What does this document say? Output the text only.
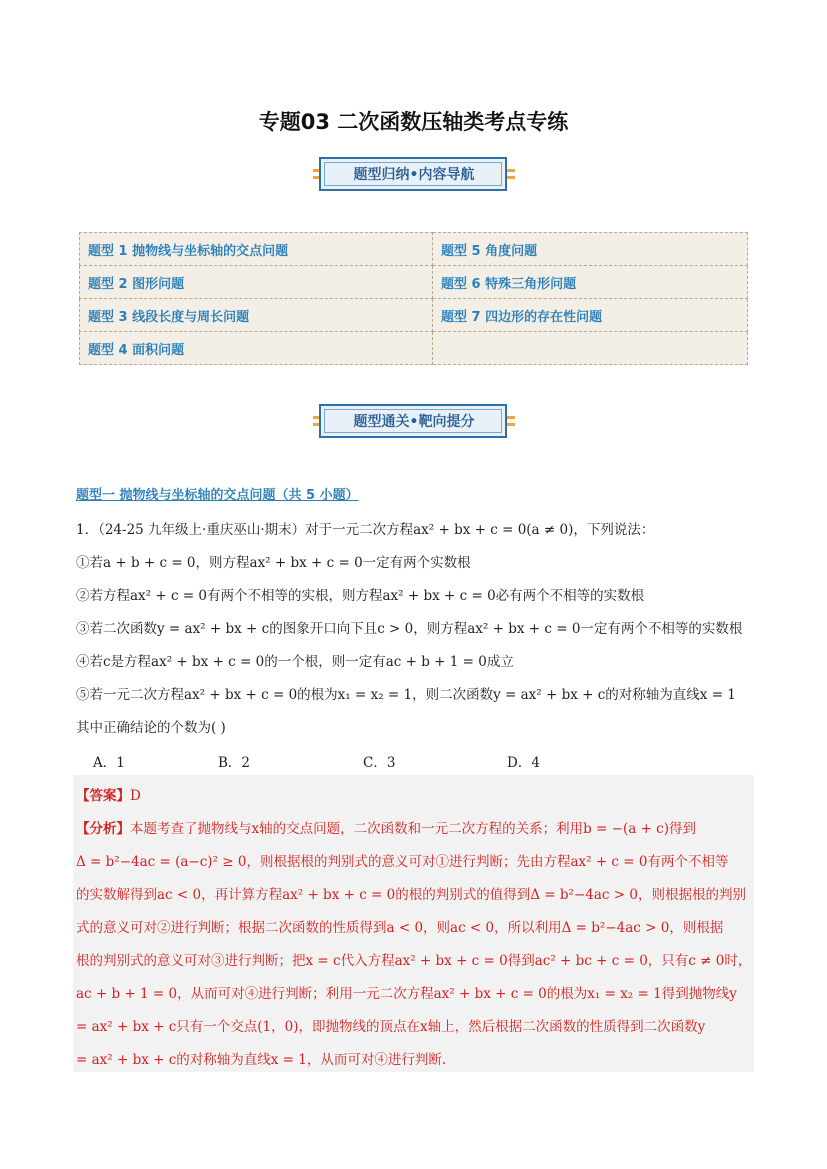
专题03 二次函数压轴类考点专练
题型归纳•内容导航
题型 1 抛物线与坐标轴的交点问题	题型 5 角度问题
题型 2 图形问题	题型 6 特殊三角形问题
题型 3 线段长度与周长问题	题型 7 四边形的存在性问题
题型 4 面积问题	
题型通关•靶向提分
题型一 抛物线与坐标轴的交点问题（共 5 小题）
1．（24-25 九年级上·重庆巫山·期末）对于一元二次方程ax² + bx + c = 0(a ≠ 0)，下列说法：
①若a + b + c = 0，则方程ax² + bx + c = 0一定有两个实数根
②若方程ax² + c = 0有两个不相等的实根，则方程ax² + bx + c = 0必有两个不相等的实数根
③若二次函数y = ax² + bx + c的图象开口向下且c > 0，则方程ax² + bx + c = 0一定有两个不相等的实数根
④若c是方程ax² + bx + c = 0的一个根，则一定有ac + b + 1 = 0成立
⑤若一元二次方程ax² + bx + c = 0的根为x₁ = x₂ = 1，则二次函数y = ax² + bx + c的对称轴为直线x = 1
其中正确结论的个数为( )
A．1	B．2	C．3	D．4
【答案】D
【分析】本题考查了抛物线与x轴的交点问题，二次函数和一元二次方程的关系；利用b = −(a + c)得到
Δ = b²−4ac = (a−c)² ≥ 0，则根据根的判别式的意义可对①进行判断；先由方程ax² + c = 0有两个不相等
的实数解得到ac < 0，再计算方程ax² + bx + c = 0的根的判别式的值得到Δ = b²−4ac > 0，则根据根的判别
式的意义可对②进行判断；根据二次函数的性质得到a < 0，则ac < 0，所以利用Δ = b²−4ac > 0，则根据
根的判别式的意义可对③进行判断；把x = c代入方程ax² + bx + c = 0得到ac² + bc + c = 0，只有c ≠ 0时，
ac + b + 1 = 0，从而可对④进行判断；利用一元二次方程ax² + bx + c = 0的根为x₁ = x₂ = 1得到抛物线y
= ax² + bx + c只有一个交点(1，0)，即抛物线的顶点在x轴上，然后根据二次函数的性质得到二次函数y
= ax² + bx + c的对称轴为直线x = 1，从而可对④进行判断.
